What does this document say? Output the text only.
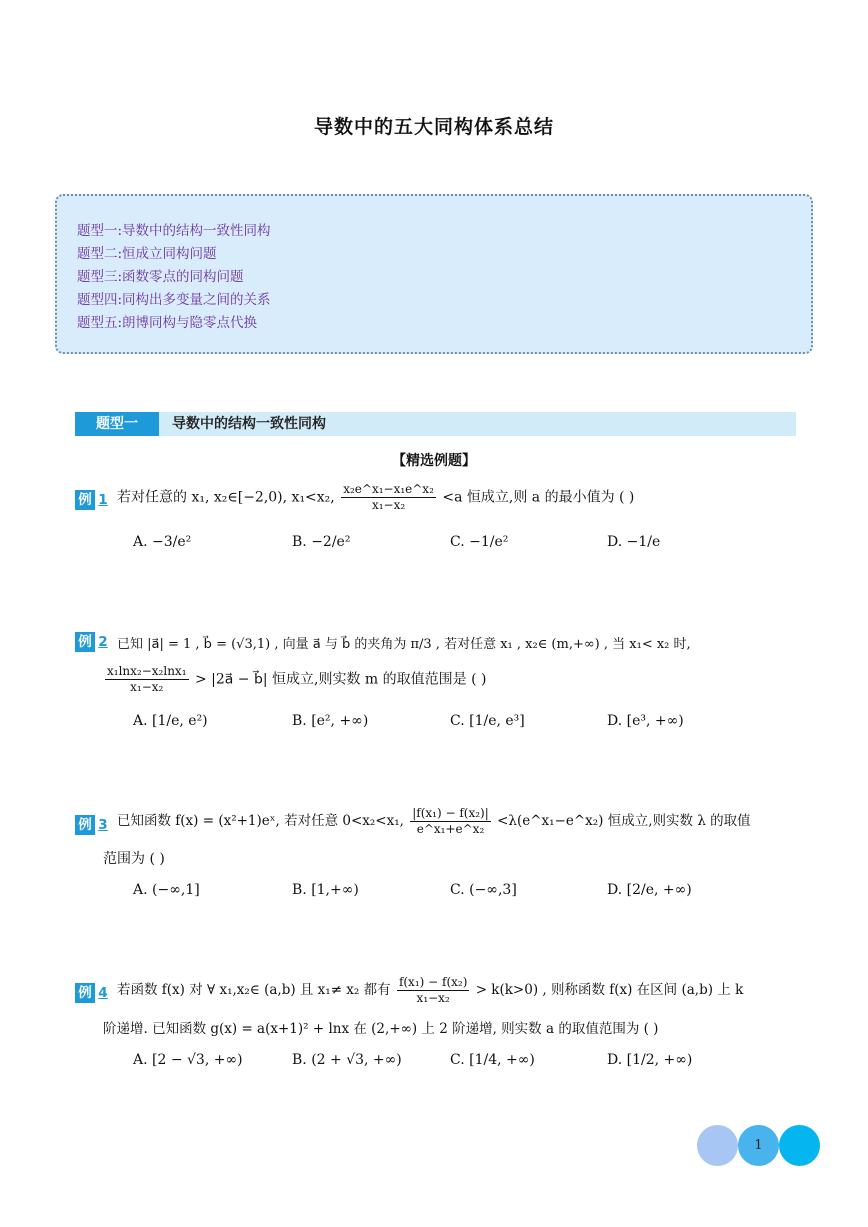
导数中的五大同构体系总结
题型一:导数中的结构一致性同构
题型二:恒成立同构问题
题型三:函数零点的同构问题
题型四:同构出多变量之间的关系
题型五:朗博同构与隐零点代换
题型一	导数中的结构一致性同构
【精选例题】
例 1 若对任意的 x₁, x₂∈[−2,0), x₁<x₂, $\frac{\text{x₂e\textasciicircum{}x₁−x₁e\textasciicircum{}x₂}}{\text{x₁−x₂}} <a$ 恒成立,则 a 的最小值为 ( )
A. −3/e²	B. −2/e²	C. −1/e²	D. −1/e
例 2 已知 |a⃗| = 1 , b⃗ = (√3,1) , 向量 a⃗ 与 b⃗ 的夹角为 π/3 , 若对任意 x₁ , x₂∈ (m,+∞) , 当 x₁< x₂ 时,
$\frac{\text{x₁lnx₂−x₂lnx₁}}{\text{x₁−x₂}}$ > |2a⃗ − b⃗| 恒成立,则实数 m 的取值范围是 ( )
A. [1/e, e²)	B. [e², +∞)	C. [1/e, e³]	D. [e³, +∞)
例 3 已知函数 f(x) = (x²+1)eˣ, 若对任意 0<x₂<x₁, $\frac{\text{|f(x₁) − f(x₂)|}}{\text{e\textasciicircum{}x₁+e\textasciicircum{}x₂}}$ <λ(e^x₁−e^x₂) 恒成立,则实数 λ 的取值
范围为 ( )
A. (−∞,1]	B. [1,+∞)	C. (−∞,3]	D. [2/e, +∞)
例 4 若函数 f(x) 对 ∀ x₁,x₂∈ (a,b) 且 x₁≠ x₂ 都有 $\frac{\text{f(x₁) − f(x₂)}}{\text{x₁−x₂}} > k(k>0)$ , 则称函数 f(x) 在区间 (a,b) 上 k
阶递增. 已知函数 g(x) = a(x+1)² + lnx 在 (2,+∞) 上 2 阶递增, 则实数 a 的取值范围为 ( )
A. [2 − √3, +∞)	B. (2 + √3, +∞)	C. [1/4, +∞)	D. [1/2, +∞)
1
